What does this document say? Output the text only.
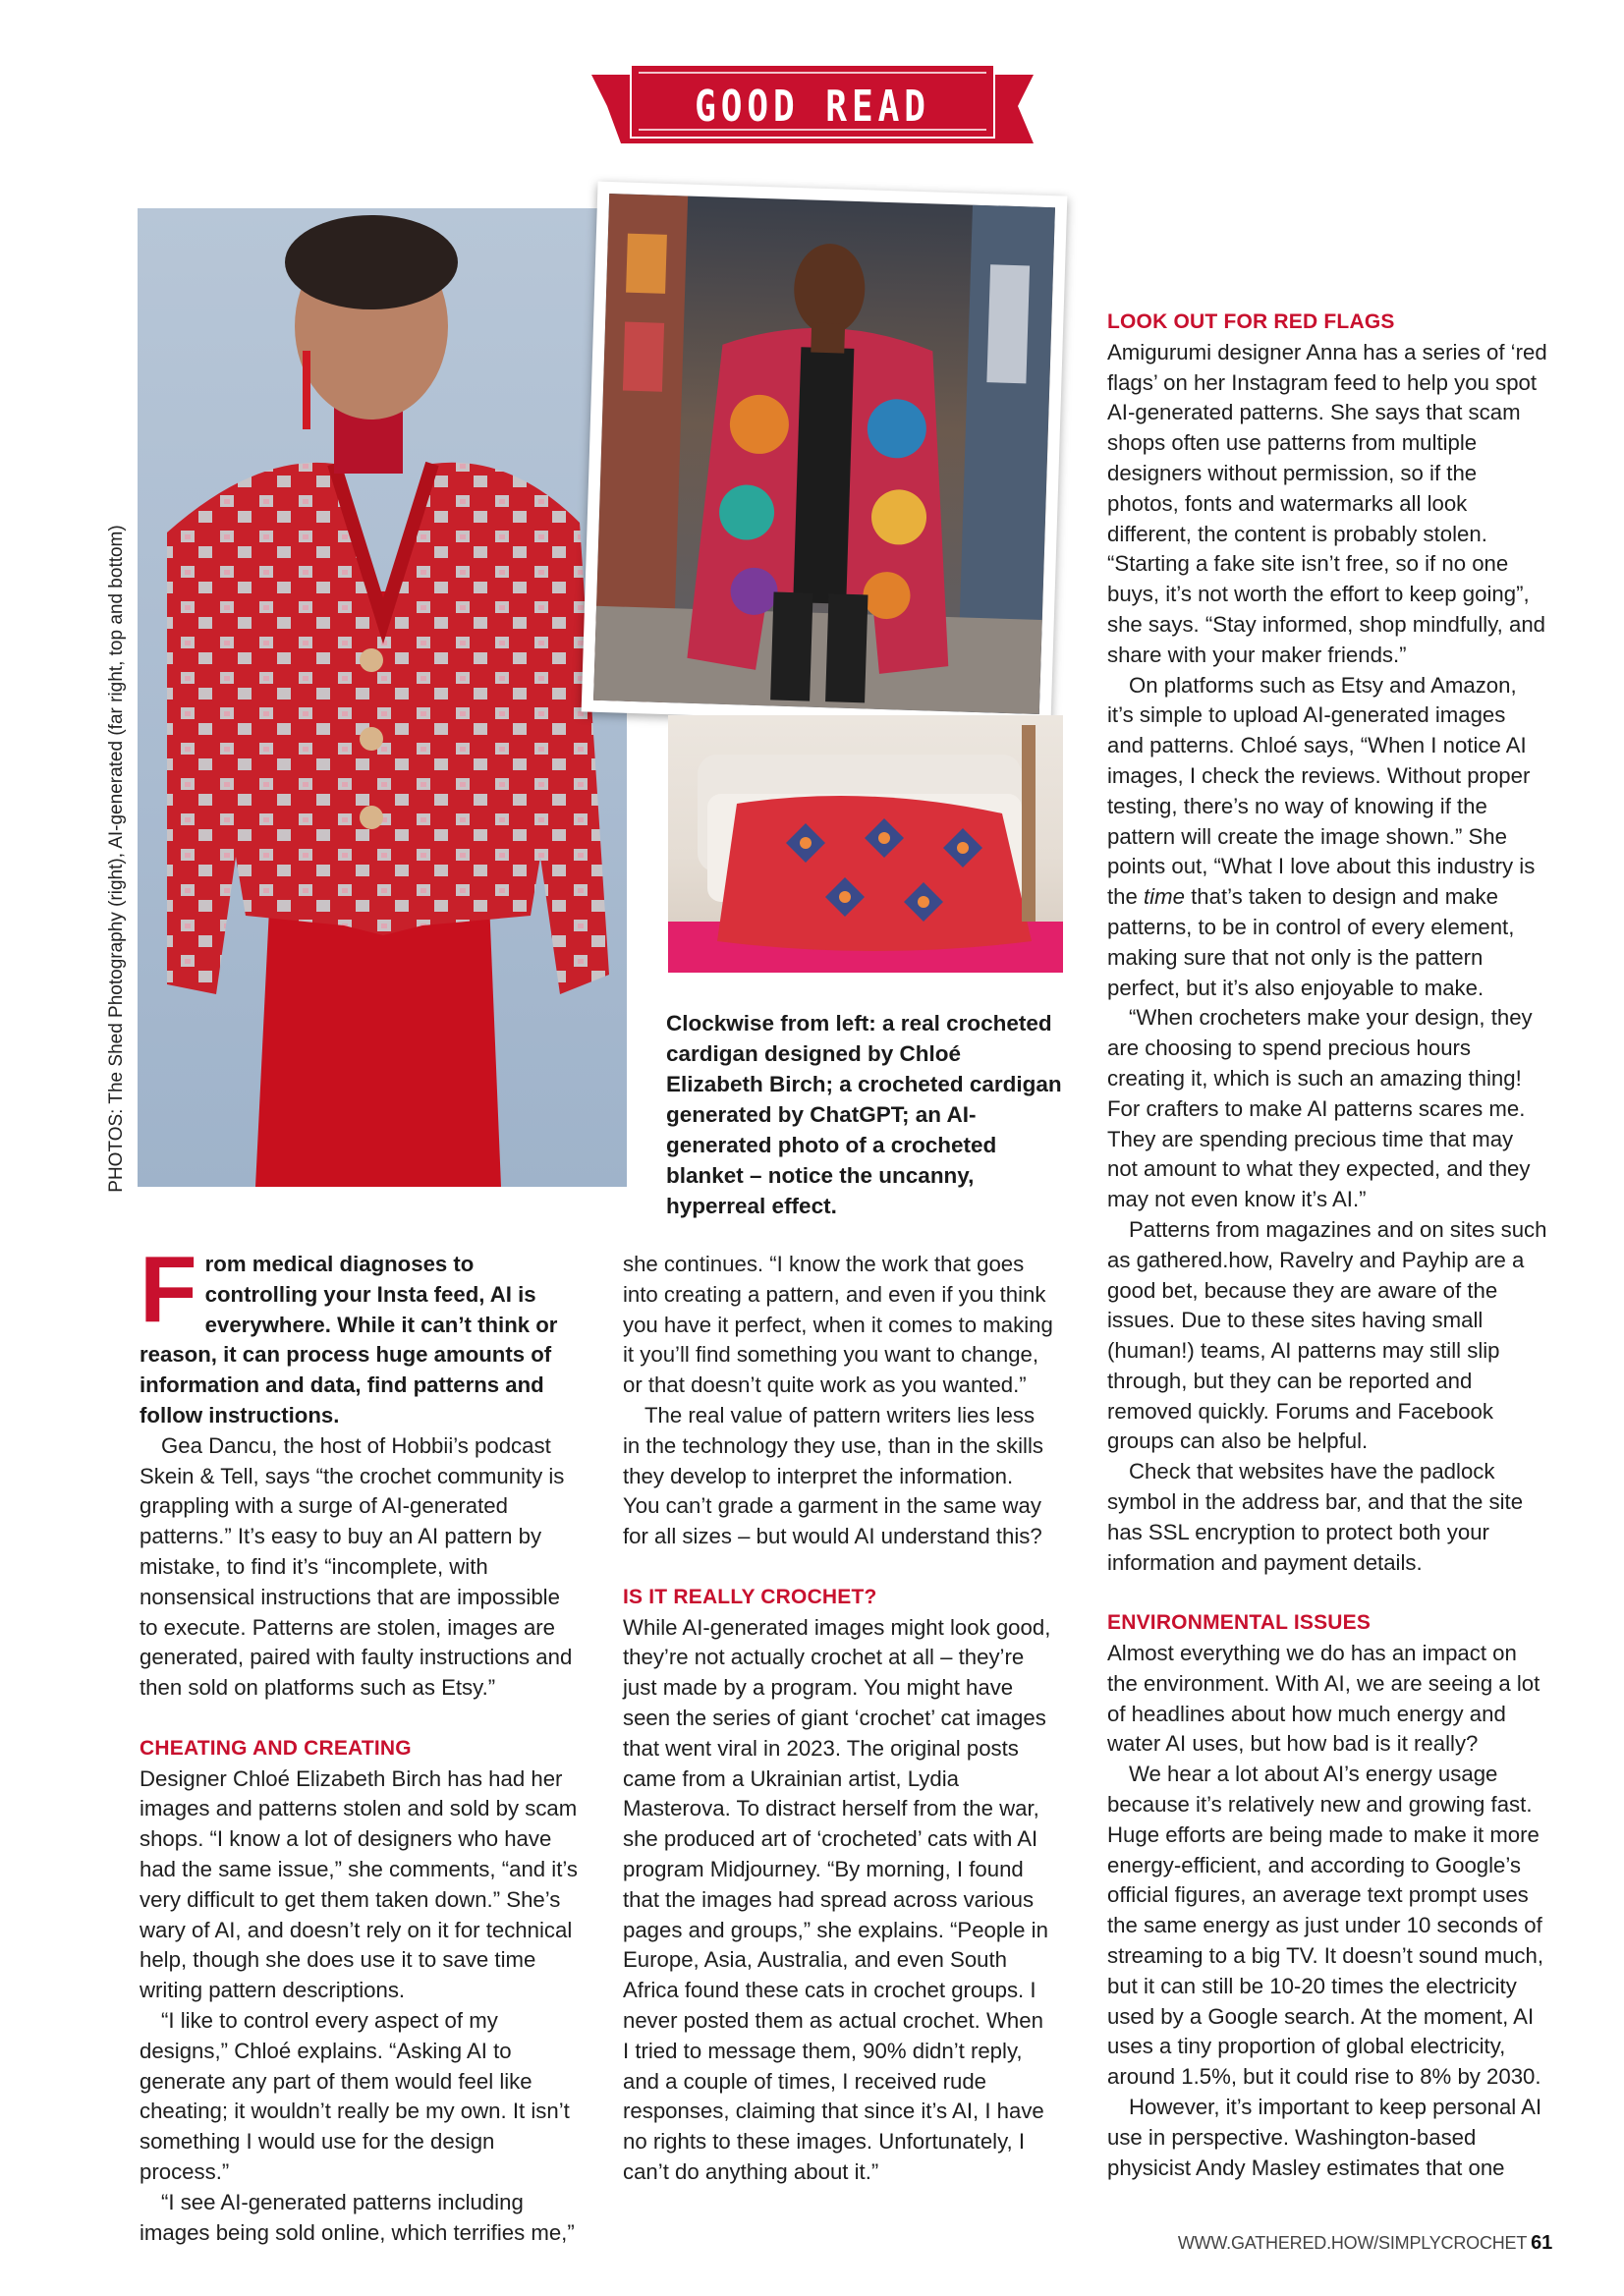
GOOD READ
PHOTOS: The Shed Photography (right), AI-generated (far right, top and bottom)	Clockwise from left: a real crocheted cardigan designed by Chloé Elizabeth Birch; a crocheted cardigan generated by ChatGPT; an AI-generated photo of a crocheted blanket – notice the uncanny, hyperreal effect.

From medical diagnoses to controlling your Insta feed, AI is everywhere. While it can’t think or reason, it can process huge amounts of information and data, find patterns and follow instructions.

Gea Dancu, the host of Hobbii’s podcast Skein & Tell, says “the crochet community is grappling with a surge of AI-generated patterns.” It’s easy to buy an AI pattern by mistake, to find it’s “incomplete, with nonsensical instructions that are impossible to execute. Patterns are stolen, images are generated, paired with faulty instructions and then sold on platforms such as Etsy.”

CHEATING AND CREATING

Designer Chloé Elizabeth Birch has had her images and patterns stolen and sold by scam shops. “I know a lot of designers who have had the same issue,” she comments, “and it’s very difficult to get them taken down.” She’s wary of AI, and doesn’t rely on it for technical help, though she does use it to save time writing pattern descriptions.

“I like to control every aspect of my designs,” Chloé explains. “Asking AI to generate any part of them would feel like cheating; it wouldn’t really be my own. It isn’t something I would use for the design process.”

“I see AI-generated patterns including images being sold online, which terrifies me,”

she continues. “I know the work that goes into creating a pattern, and even if you think you have it perfect, when it comes to making it you’ll find something you want to change, or that doesn’t quite work as you wanted.”

The real value of pattern writers lies less in the technology they use, than in the skills they develop to interpret the information. You can’t grade a garment in the same way for all sizes – but would AI understand this?

IS IT REALLY CROCHET?

While AI-generated images might look good, they’re not actually crochet at all – they’re just made by a program. You might have seen the series of giant ‘crochet’ cat images that went viral in 2023. The original posts came from a Ukrainian artist, Lydia Masterova. To distract herself from the war, she produced art of ‘crocheted’ cats with AI program Midjourney. “By morning, I found that the images had spread across various pages and groups,” she explains. “People in Europe, Asia, Australia, and even South Africa found these cats in crochet groups. I never posted them as actual crochet. When I tried to message them, 90% didn’t reply, and a couple of times, I received rude responses, claiming that since it’s AI, I have no rights to these images. Unfortunately, I can’t do anything about it.”

LOOK OUT FOR RED FLAGS

Amigurumi designer Anna has a series of ‘red flags’ on her Instagram feed to help you spot AI-generated patterns. She says that scam shops often use patterns from multiple designers without permission, so if the photos, fonts and watermarks all look different, the content is probably stolen. “Starting a fake site isn’t free, so if no one buys, it’s not worth the effort to keep going”, she says. “Stay informed, shop mindfully, and share with your maker friends.”

On platforms such as Etsy and Amazon, it’s simple to upload AI-generated images and patterns. Chloé says, “When I notice AI images, I check the reviews. Without proper testing, there’s no way of knowing if the pattern will create the image shown.” She points out, “What I love about this industry is the time that’s taken to design and make patterns, to be in control of every element, making sure that not only is the pattern perfect, but it’s also enjoyable to make.

“When crocheters make your design, they are choosing to spend precious hours creating it, which is such an amazing thing! For crafters to make AI patterns scares me. They are spending precious time that may not amount to what they expected, and they may not even know it’s AI.”

Patterns from magazines and on sites such as gathered.how, Ravelry and Payhip are a good bet, because they are aware of the issues. Due to these sites having small (human!) teams, AI patterns may still slip through, but they can be reported and removed quickly. Forums and Facebook groups can also be helpful.

Check that websites have the padlock symbol in the address bar, and that the site has SSL encryption to protect both your information and payment details.

ENVIRONMENTAL ISSUES

Almost everything we do has an impact on the environment. With AI, we are seeing a lot of headlines about how much energy and water AI uses, but how bad is it really?

We hear a lot about AI’s energy usage because it’s relatively new and growing fast. Huge efforts are being made to make it more energy-efficient, and according to Google’s official figures, an average text prompt uses the same energy as just under 10 seconds of streaming to a big TV. It doesn’t sound much, but it can still be 10-20 times the electricity used by a Google search. At the moment, AI uses a tiny proportion of global electricity, around 1.5%, but it could rise to 8% by 2030.

However, it’s important to keep personal AI use in perspective. Washington-based physicist Andy Masley estimates that one

WWW.GATHERED.HOW/SIMPLYCROCHET 61
